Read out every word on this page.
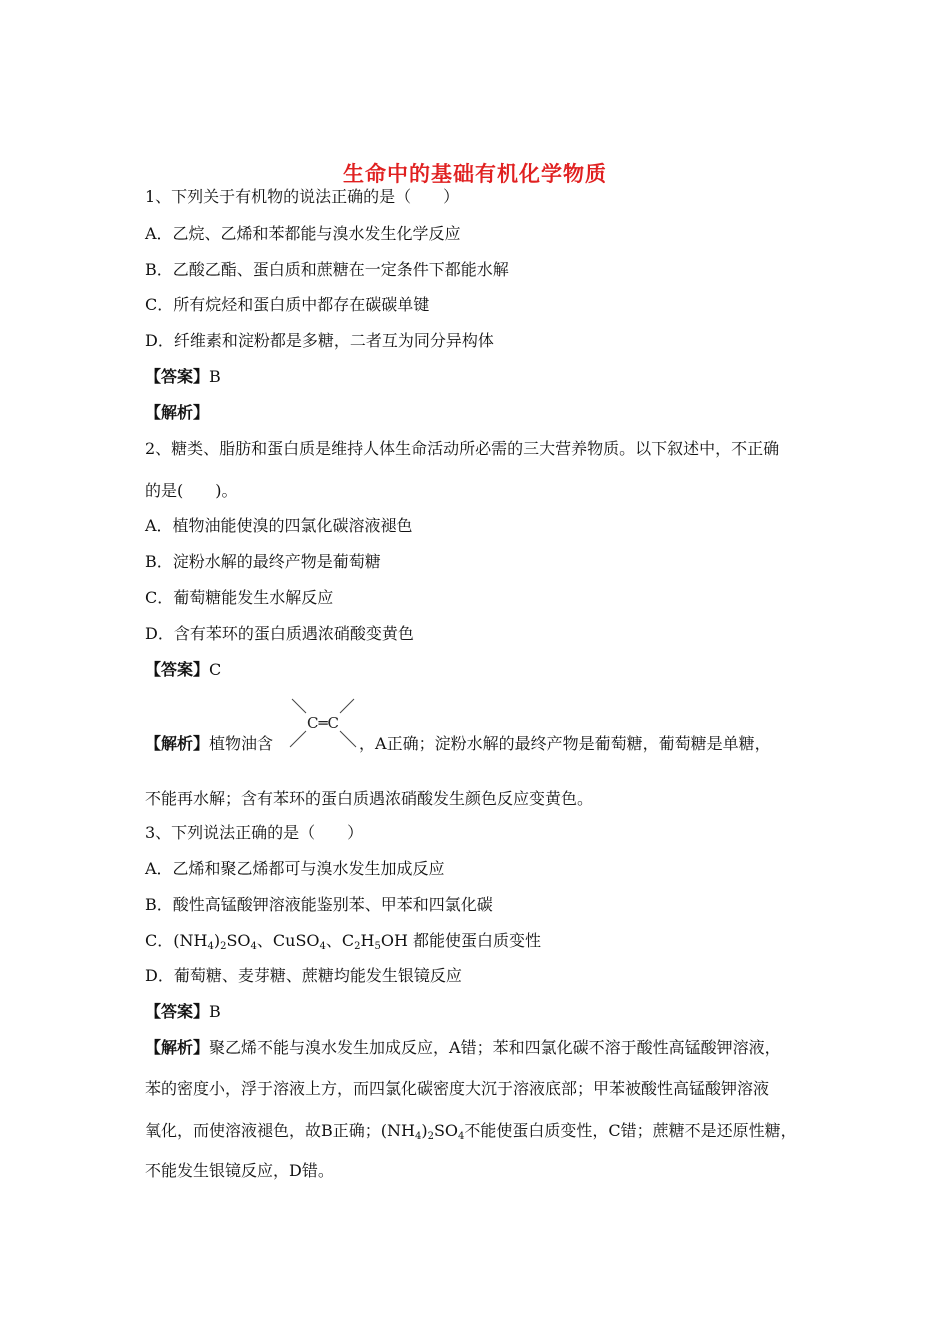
生命中的基础有机化学物质
1、下列关于有机物的说法正确的是（　　）
A．乙烷、乙烯和苯都能与溴水发生化学反应
B．乙酸乙酯、蛋白质和蔗糖在一定条件下都能水解
C．所有烷烃和蛋白质中都存在碳碳单键
D．纤维素和淀粉都是多糖，二者互为同分异构体
【答案】B
【解析】
2、糖类、脂肪和蛋白质是维持人体生命活动所必需的三大营养物质。以下叙述中，不正确
的是(　　)。
A．植物油能使溴的四氯化碳溶液褪色
B．淀粉水解的最终产物是葡萄糖
C．葡萄糖能发生水解反应
D．含有苯环的蛋白质遇浓硝酸变黄色
【答案】C
【解析】植物油含	，A正确；淀粉水解的最终产物是葡萄糖，葡萄糖是单糖，
C═C
不能再水解；含有苯环的蛋白质遇浓硝酸发生颜色反应变黄色。
3、下列说法正确的是（　　）
A．乙烯和聚乙烯都可与溴水发生加成反应
B．酸性高锰酸钾溶液能鉴别苯、甲苯和四氯化碳
C．$(NH_4)_2SO_4$、CuSO$_4$、$C_2H_5OH$ 都能使蛋白质变性
D．葡萄糖、麦芽糖、蔗糖均能发生银镜反应
【答案】B
【解析】聚乙烯不能与溴水发生加成反应，A错；苯和四氯化碳不溶于酸性高锰酸钾溶液，
苯的密度小，浮于溶液上方，而四氯化碳密度大沉于溶液底部；甲苯被酸性高锰酸钾溶液
氧化，而使溶液褪色，故B正确；$(NH_4)_2SO_4$不能使蛋白质变性，C错；蔗糖不是还原性糖，
不能发生银镜反应，D错。
